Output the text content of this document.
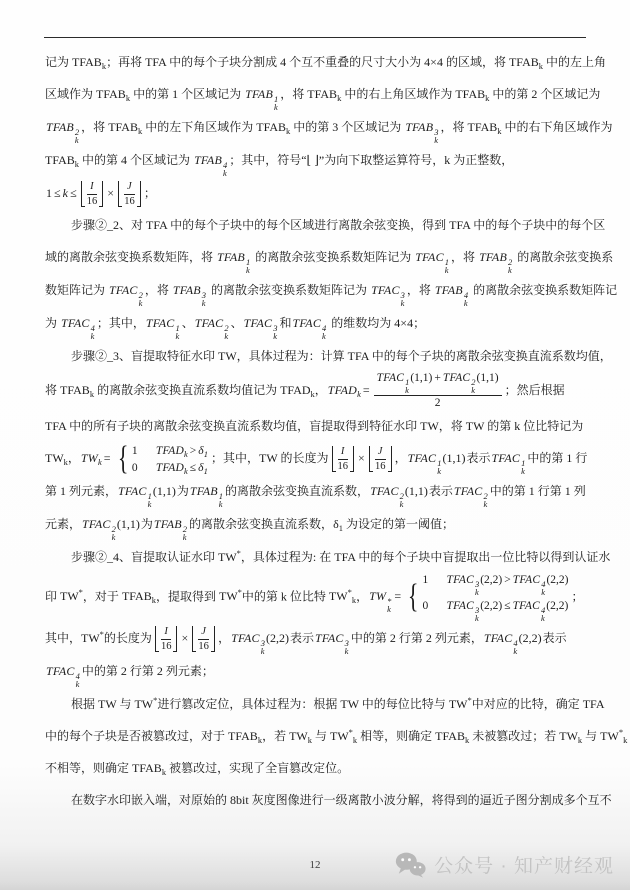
记为 $TFAB_k$；再将 TFA 中的每个子块分割成 4 个互不重叠的尺寸大小为 4×4 的区域，将 $TFAB_k$ 中的左上角
区域作为 $TFAB_k$ 中的第 1 个区域记为 TFAB 1
k
，将 $TFAB_k$ 中的右上角区域作为 $TFAB_k$ 中的第 2 个区域记为
TFAB 2
k
，将 $TFAB_k$ 中的左下角区域作为 $TFAB_k$ 中的第 3 个区域记为 TFAB 3
k
，将 $TFAB_k$ 中的右下角区域作为
$TFAB_k$ 中的第 4 个区域记为 TFAB 4
k
；其中，符号“⌊ ⌋”为向下取整运算符号，k 为正整数，
$1 \le k \le \frac{I}{16} \times \frac{J}{16}$ ；
步骤②_2、对 TFA 中的每个子块中的每个区域进行离散余弦变换，得到 TFA 中的每个子块中的每个区
域的离散余弦变换系数矩阵，将 TFAB 1
k
的离散余弦变换系数矩阵记为 TFAC 1
k
，将 TFAB 2
k
的离散余弦变换系
数矩阵记为 TFAC 2
k
，将 TFAB 3
k
的离散余弦变换系数矩阵记为 TFAC 3
k
，将 TFAB 4
k
的离散余弦变换系数矩阵记
为 TFAC 4
k
；其中，TFAC 1
k
、TFAC 2
k
、TFAC 3
k
和TFAC 4
k
的维数均为 4×4；
步骤②_3、盲提取特征水印 TW，具体过程为：计算 TFA 中的每个子块的离散余弦变换直流系数均值，
将 $TFAB_k$ 的离散余弦变换直流系数均值记为 $TFAD_k$，$TFAD_k$ = TFAC 1
k
(1,1) + TFAC 2
k
(1,1)
2 ；然后根据
TFA 中的所有子块的离散余弦变换直流系数均值，盲提取得到特征水印 TW，将 TW 的第 k 位比特记为
$TW_k$，$TW_k$ = { 1	$TFAD_k > \delta_1$
0	$TFAD_k \le \delta_1$
；其中，TW 的长度为 $\frac{I}{16} \times \frac{J}{16}$ ，TFAC 1
k
(1,1)表示TFAC 1
k
中的第 1 行
第 1 列元素，TFAC 1
k
(1,1)为TFAB 1
k
的离散余弦变换直流系数，TFAC 2
k
(1,1)表示TFAC 2
k
中的第 1 行第 1 列
元素，TFAC 2
k
(1,1)为TFAB 2
k
的离散余弦变换直流系数，$\delta_1$ 为设定的第一阈值；
步骤②_4、盲提取认证水印 TW*，具体过程为: 在 TFA 中的每个子块中盲提取出一位比特以得到认证水
印 TW*，对于 $TFAB_k$，提取得到 TW*中的第 k 位比特 $TW^*_k$，TW *
k
= { 1	TFAC 3
k
(2,2) > TFAC 4
k
(2,2)
0	TFAC 3
k
(2,2) ≤ TFAC 4
k
(2,2)
；
其中，TW*的长度为 $\frac{I}{16} \times \frac{J}{16}$ ，TFAC 3
k
(2,2)表示TFAC 3
k
中的第 2 行第 2 列元素，TFAC 4
k
(2,2)表示
TFAC 4
k
中的第 2 行第 2 列元素；
根据 TW 与 TW*进行篡改定位，具体过程为：根据 TW 中的每位比特与 TW*中对应的比特，确定 TFA
中的每个子块是否被篡改过，对于 $TFAB_k$，若 $TW_k$ 与 $TW^*_k$ 相等，则确定 $TFAB_k$ 未被篡改过；若 $TW_k$ 与 $TW^*_k$
不相等，则确定 $TFAB_k$ 被篡改过，实现了全盲篡改定位。
在数字水印嵌入端，对原始的 8bit 灰度图像进行一级离散小波分解，将得到的逼近子图分割成多个互不
12	公众号 · 知产财经观
